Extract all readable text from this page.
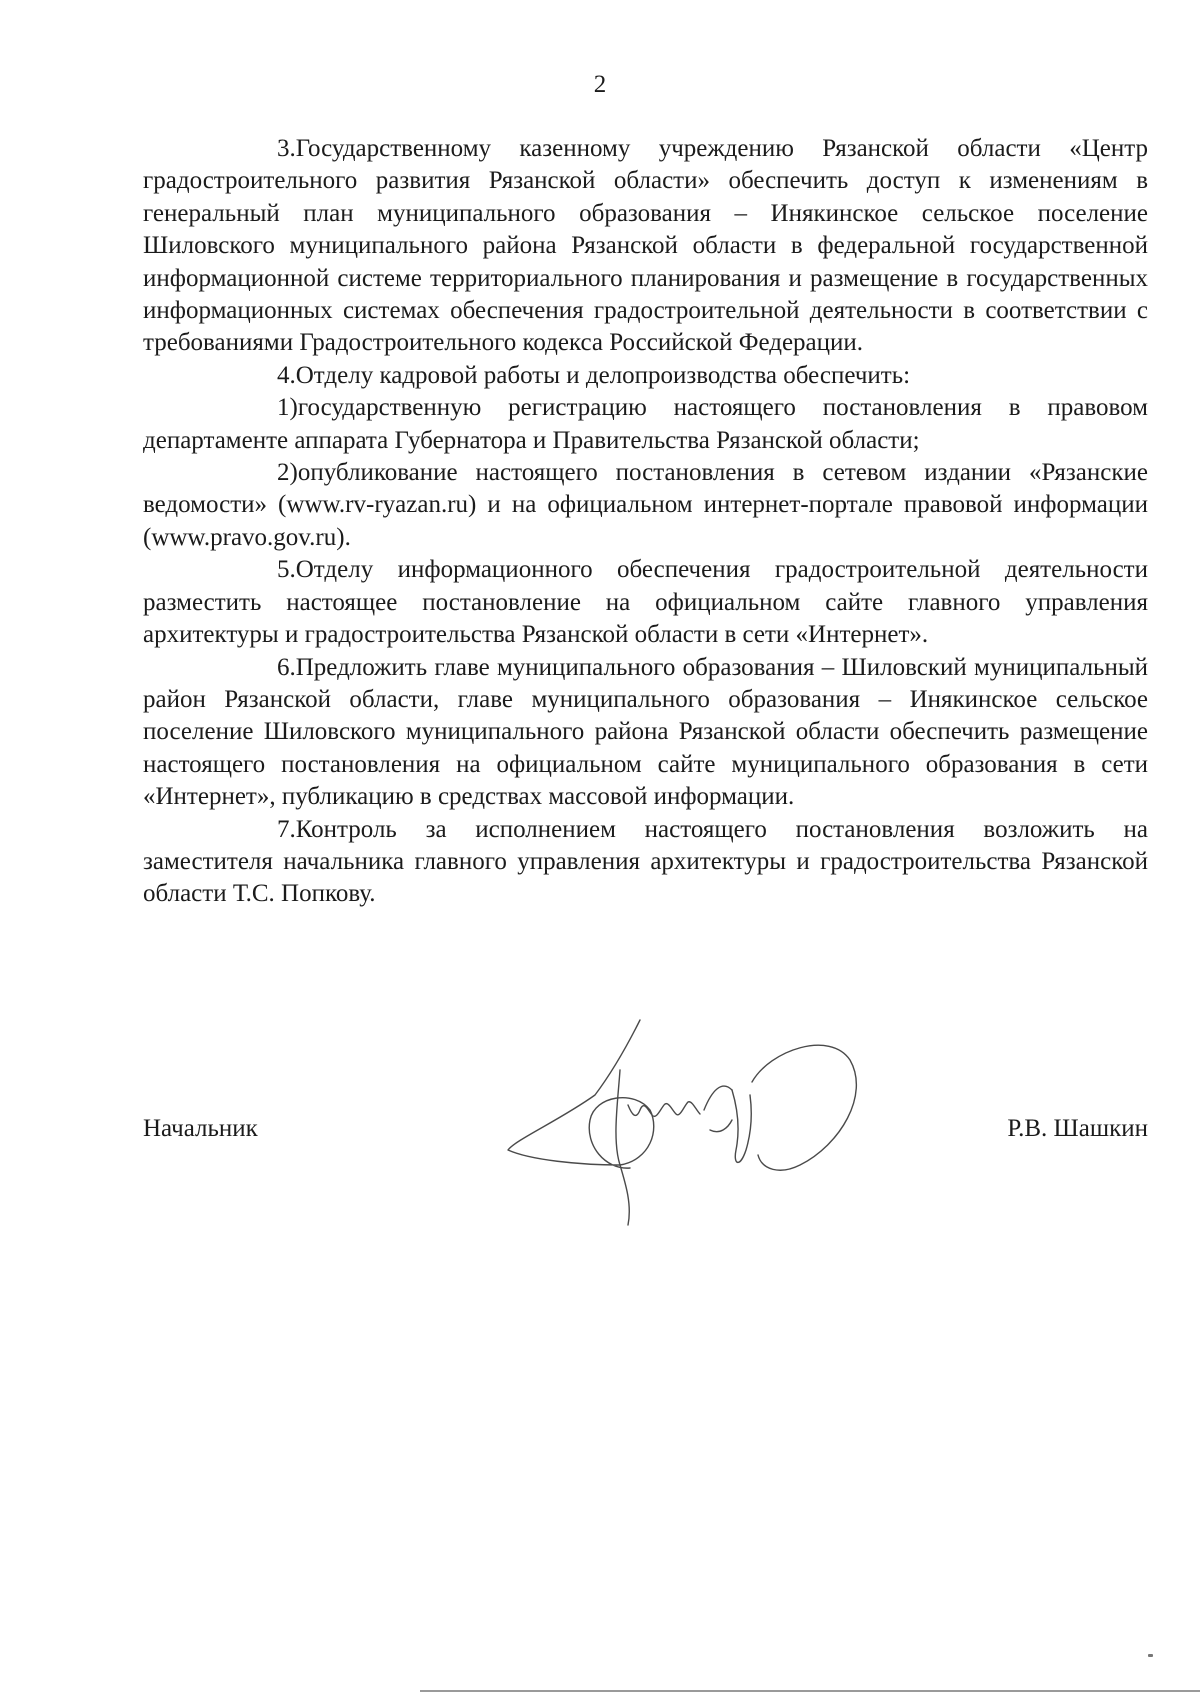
2

3.Государственному казенному учреждению Рязанской области «Центр градостроительного развития Рязанской области» обеспечить доступ к изменениям в генеральный план муниципального образования – Инякинское сельское поселение Шиловского муниципального района Рязанской области в федеральной государственной информационной системе территориального планирования и размещение в государственных информационных системах обеспечения градостроительной деятельности в соответствии с требованиями Градостроительного кодекса Российской Федерации.

4.Отделу кадровой работы и делопроизводства обеспечить:

1)государственную регистрацию настоящего постановления в правовом департаменте аппарата Губернатора и Правительства Рязанской области;

2)опубликование настоящего постановления в сетевом издании «Рязанские ведомости» (www.rv-ryazan.ru) и на официальном интернет-портале правовой информации (www.pravo.gov.ru).

5.Отделу информационного обеспечения градостроительной деятельности разместить настоящее постановление на официальном сайте главного управления архитектуры и градостроительства Рязанской области в сети «Интернет».

6.Предложить главе муниципального образования – Шиловский муниципальный район Рязанской области, главе муниципального образования – Инякинское сельское поселение Шиловского муниципального района Рязанской области обеспечить размещение настоящего постановления на официальном сайте муниципального образования в сети «Интернет», публикацию в средствах массовой информации.

7.Контроль за исполнением настоящего постановления возложить на заместителя начальника главного управления архитектуры и градостроительства Рязанской области Т.С. Попкову.

Начальник	Р.В. Шашкин
